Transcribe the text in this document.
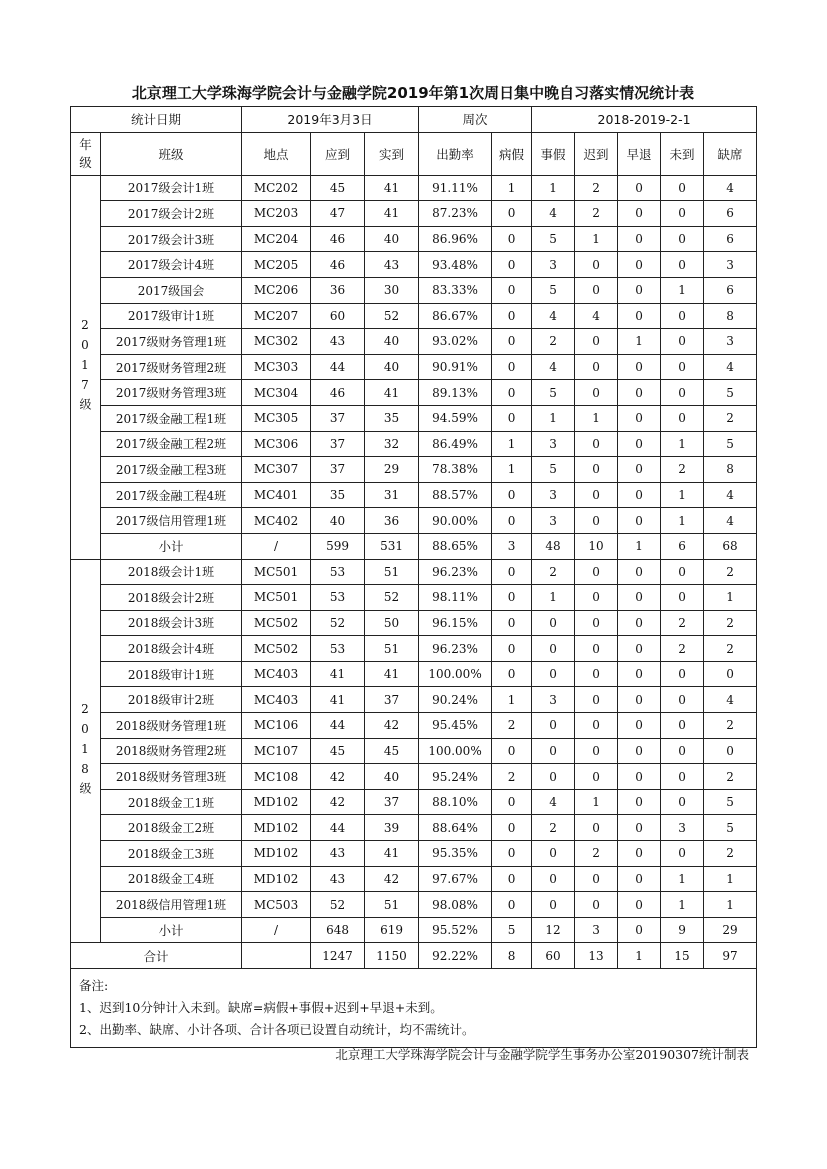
北京理工大学珠海学院会计与金融学院2019年第1次周日集中晚自习落实情况统计表
统计日期		2019年3月3日			周次		2018-2019-2-1				
年级	班级	地点	应到	实到	出勤率	病假	事假	迟到	早退	未到	缺席
2017级	2017级会计1班	MC202	45	41	91.11%	1	1	2	0	0	4
	2017级会计2班	MC203	47	41	87.23%	0	4	2	0	0	6
	2017级会计3班	MC204	46	40	86.96%	0	5	1	0	0	6
	2017级会计4班	MC205	46	43	93.48%	0	3	0	0	0	3
	2017级国会	MC206	36	30	83.33%	0	5	0	0	1	6
	2017级审计1班	MC207	60	52	86.67%	0	4	4	0	0	8
	2017级财务管理1班	MC302	43	40	93.02%	0	2	0	1	0	3
	2017级财务管理2班	MC303	44	40	90.91%	0	4	0	0	0	4
	2017级财务管理3班	MC304	46	41	89.13%	0	5	0	0	0	5
	2017级金融工程1班	MC305	37	35	94.59%	0	1	1	0	0	2
	2017级金融工程2班	MC306	37	32	86.49%	1	3	0	0	1	5
	2017级金融工程3班	MC307	37	29	78.38%	1	5	0	0	2	8
	2017级金融工程4班	MC401	35	31	88.57%	0	3	0	0	1	4
	2017级信用管理1班	MC402	40	36	90.00%	0	3	0	0	1	4
	小计	/	599	531	88.65%	3	48	10	1	6	68
2018级	2018级会计1班	MC501	53	51	96.23%	0	2	0	0	0	2
	2018级会计2班	MC501	53	52	98.11%	0	1	0	0	0	1
	2018级会计3班	MC502	52	50	96.15%	0	0	0	0	2	2
	2018级会计4班	MC502	53	51	96.23%	0	0	0	0	2	2
	2018级审计1班	MC403	41	41	100.00%	0	0	0	0	0	0
	2018级审计2班	MC403	41	37	90.24%	1	3	0	0	0	4
	2018级财务管理1班	MC106	44	42	95.45%	2	0	0	0	0	2
	2018级财务管理2班	MC107	45	45	100.00%	0	0	0	0	0	0
	2018级财务管理3班	MC108	42	40	95.24%	2	0	0	0	0	2
	2018级金工1班	MD102	42	37	88.10%	0	4	1	0	0	5
	2018级金工2班	MD102	44	39	88.64%	0	2	0	0	3	5
	2018级金工3班	MD102	43	41	95.35%	0	0	2	0	0	2
	2018级金工4班	MD102	43	42	97.67%	0	0	0	0	1	1
	2018级信用管理1班	MC503	52	51	98.08%	0	0	0	0	1	1
	小计	/	648	619	95.52%	5	12	3	0	9	29
合计			1247	1150	92.22%	8	60	13	1	15	97

备注:
1、迟到10分钟计入未到。缺席=病假+事假+迟到+早退+未到。
2、出勤率、缺席、小计各项、合计各项已设置自动统计，均不需统计。											
北京理工大学珠海学院会计与金融学院学生事务办公室20190307统计制表
